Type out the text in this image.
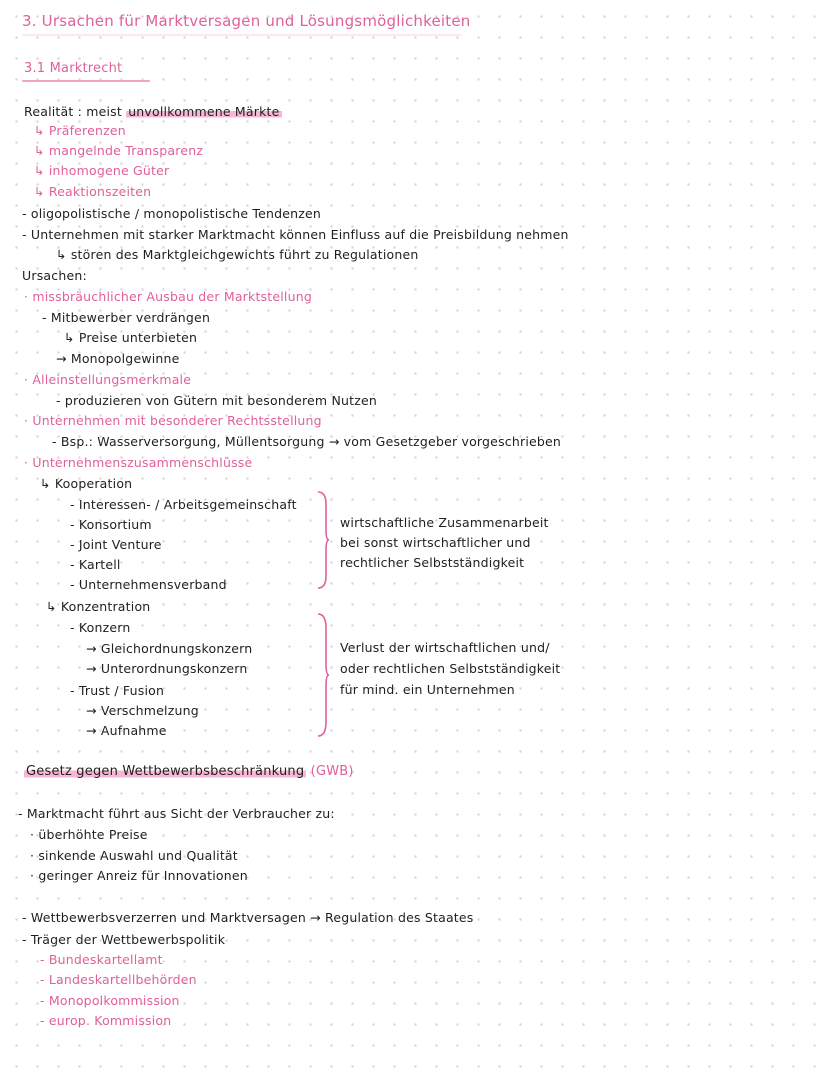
3. Ursachen für Marktversagen und Lösungsmöglichkeiten
3.1 Marktrecht
Realität : meist unvollkommene Märkte
↳ Präferenzen
↳ mangelnde Transparenz
↳ inhomogene Güter
↳ Reaktionszeiten
- oligopolistische / monopolistische Tendenzen
- Unternehmen mit starker Marktmacht können Einfluss auf die Preisbildung nehmen
↳ stören des Marktgleichgewichts führt zu Regulationen
Ursachen:
· missbräuchlicher Ausbau der Marktstellung
- Mitbewerber verdrängen
↳ Preise unterbieten
→ Monopolgewinne
· Alleinstellungsmerkmale
- produzieren von Gütern mit besonderem Nutzen
· Unternehmen mit besonderer Rechtsstellung
- Bsp.: Wasserversorgung, Müllentsorgung → vom Gesetzgeber vorgeschrieben
· Unternehmenszusammenschlüsse
↳ Kooperation
- Interessen- / Arbeitsgemeinschaft
- Konsortium
- Joint Venture
- Kartell
- Unternehmensverband
wirtschaftliche Zusammenarbeit
bei sonst wirtschaftlicher und
rechtlicher Selbstständigkeit
↳ Konzentration
- Konzern
→ Gleichordnungskonzern
→ Unterordnungskonzern
- Trust / Fusion
→ Verschmelzung
→ Aufnahme
Verlust der wirtschaftlichen und/
oder rechtlichen Selbstständigkeit
für mind. ein Unternehmen
Gesetz gegen Wettbewerbsbeschränkung (GWB)
- Marktmacht führt aus Sicht der Verbraucher zu:
· überhöhte Preise
· sinkende Auswahl und Qualität
· geringer Anreiz für Innovationen
- Wettbewerbsverzerren und Marktversagen → Regulation des Staates
- Träger der Wettbewerbspolitik
- Bundeskartellamt
- Landeskartellbehörden
- Monopolkommission
- europ. Kommission
